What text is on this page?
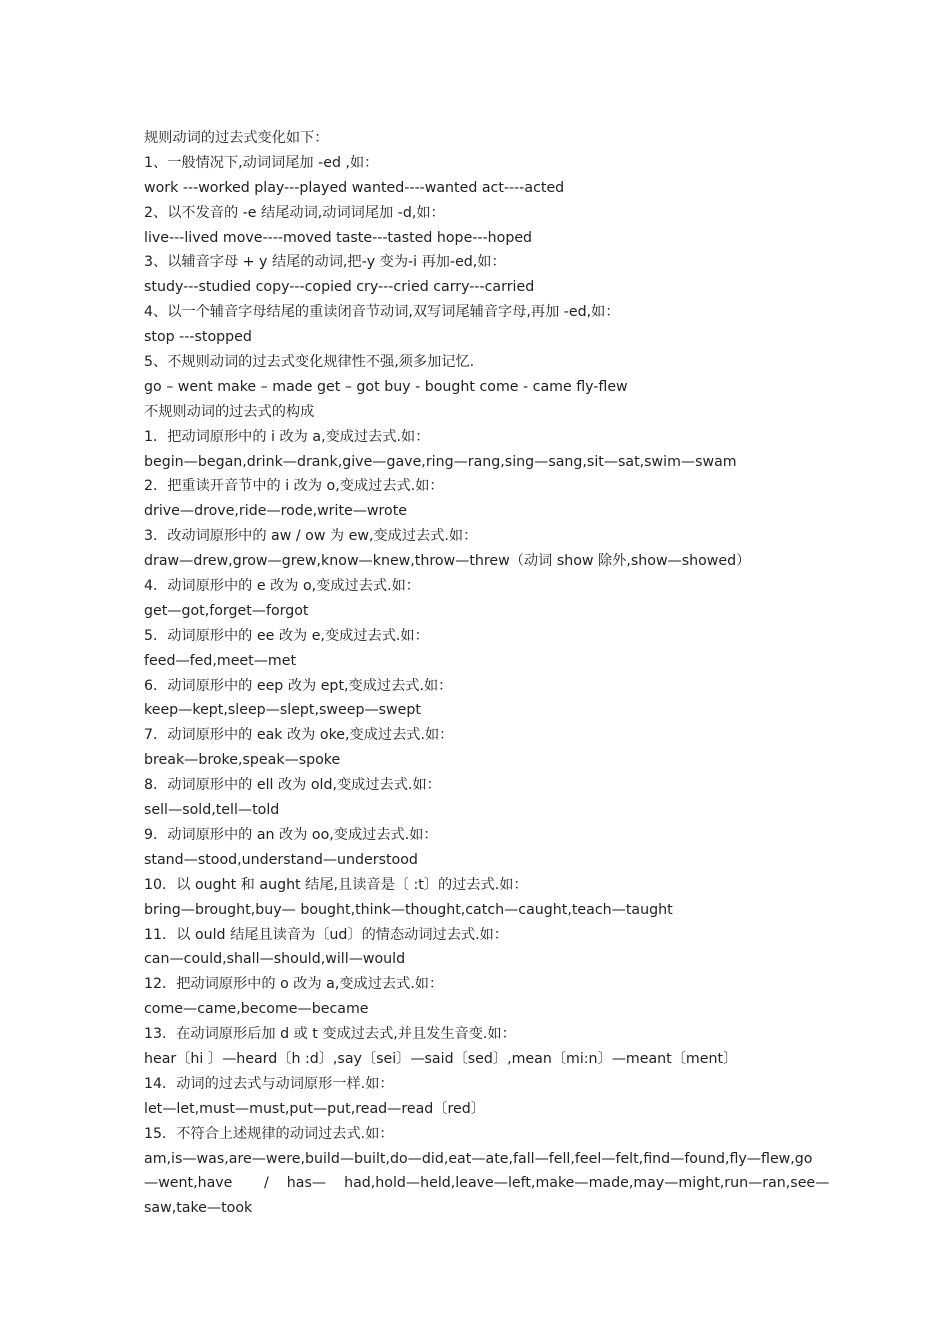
规则动词的过去式变化如下：
1、一般情况下,动词词尾加 -ed ,如：
work ---worked play---played wanted----wanted act----acted
2、以不发音的 -e 结尾动词,动词词尾加 -d,如：
live---lived move----moved taste---tasted hope---hoped
3、以辅音字母 + y 结尾的动词,把-y 变为-i 再加-ed,如：
study---studied copy---copied cry---cried carry---carried
4、以一个辅音字母结尾的重读闭音节动词,双写词尾辅音字母,再加 -ed,如：
stop ---stopped
5、不规则动词的过去式变化规律性不强,须多加记忆.
go – went make – made get – got buy - bought come - came fly-flew
不规则动词的过去式的构成
1．把动词原形中的 i 改为 a,变成过去式.如：
begin—began,drink—drank,give—gave,ring—rang,sing—sang,sit—sat,swim—swam
2．把重读开音节中的 i 改为 o,变成过去式.如：
drive—drove,ride—rode,write—wrote
3．改动词原形中的 aw / ow 为 ew,变成过去式.如：
draw—drew,grow—grew,know—knew,throw—threw（动词 show 除外,show—showed）
4．动词原形中的 e 改为 o,变成过去式.如：
get—got,forget—forgot
5．动词原形中的 ee 改为 e,变成过去式.如：
feed—fed,meet—met
6．动词原形中的 eep 改为 ept,变成过去式.如：
keep—kept,sleep—slept,sweep—swept
7．动词原形中的 eak 改为 oke,变成过去式.如：
break—broke,speak—spoke
8．动词原形中的 ell 改为 old,变成过去式.如：
sell—sold,tell—told
9．动词原形中的 an 改为 oo,变成过去式.如：
stand—stood,understand—understood
10．以 ought 和 aught 结尾,且读音是〔 :t〕的过去式.如：
bring—brought,buy— bought,think—thought,catch—caught,teach—taught
11．以 ould 结尾且读音为〔ud〕的情态动词过去式.如：
can—could,shall—should,will—would
12．把动词原形中的 o 改为 a,变成过去式.如：
come—came,become—became
13．在动词原形后加 d 或 t 变成过去式,并且发生音变.如：
hear〔hi 〕—heard〔h :d〕,say〔sei〕—said〔sed〕,mean〔mi:n〕—meant〔ment〕
14．动词的过去式与动词原形一样.如：
let—let,must—must,put—put,read—read〔red〕
15．不符合上述规律的动词过去式.如：
am,is—was,are—were,build—built,do—did,eat—ate,fall—fell,feel—felt,find—found,fly—flew,go
—went,have       /    has—    had,hold—held,leave—left,make—made,may—might,run—ran,see—
saw,take—took
